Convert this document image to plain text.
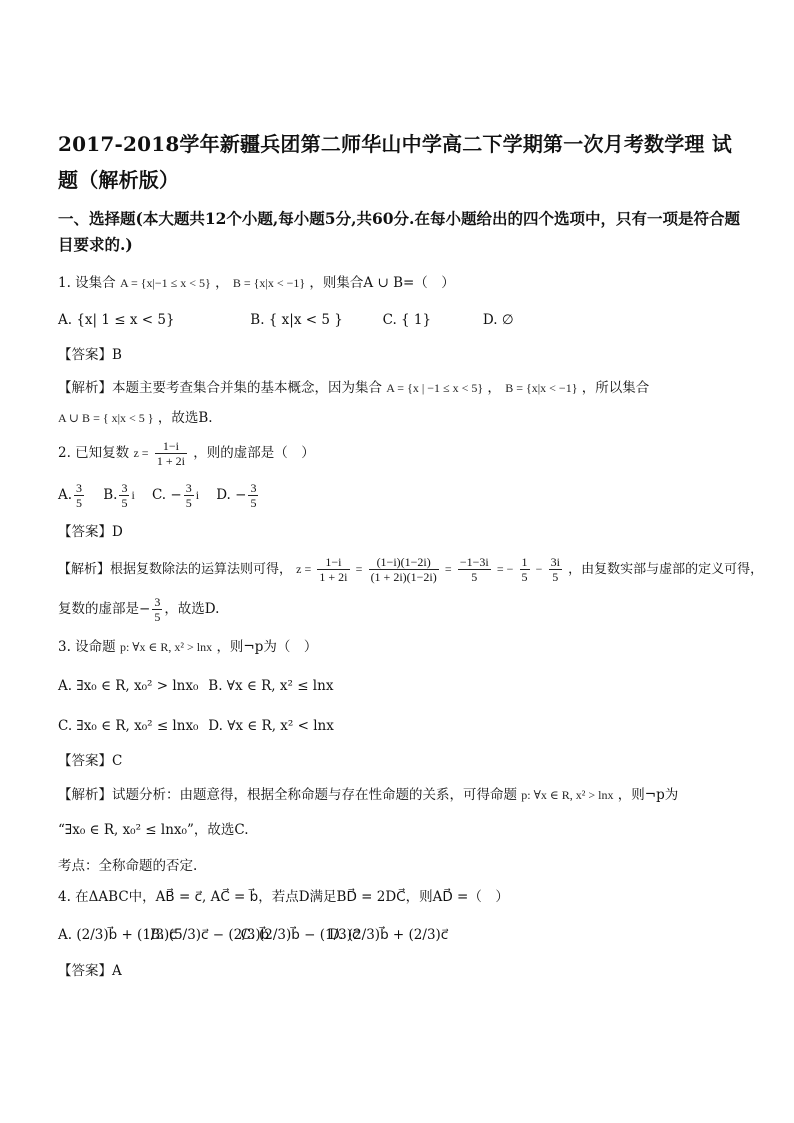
2017-2018学年新疆兵团第二师华山中学高二下学期第一次月考数学理 试题（解析版）
一、选择题(本大题共12个小题,每小题5分,共60分.在每小题给出的四个选项中，只有一项是符合题目要求的.)
1. 设集合 A = {x|−1 ≤ x < 5} ， B = {x|x < −1} ，则集合A ∪ B=（　）
A. {x| 1 ≤ x < 5}	B. { x|x < 5 }	C. { 1}	D. ∅
【答案】B
【解析】本题主要考查集合并集的基本概念，因为集合 A = {x | −1 ≤ x < 5} ， B = {x|x < −1} ，所以集合
A ∪ B = { x|x < 5 } ，故选B.
2. 已知复数 $z = \frac{1-i}{1 + 2i}$ ，则的虚部是（　）
A. $\frac{3}{5} B$. $\frac{3}{5}$ i C. − $\frac{3}{5}$ i D. − $\frac{3}{5}$
【答案】D
【解析】根据复数除法的运算法则可得， $z = \frac{1-i}{1 + 2i} = \frac{(1-i)(1-2i)}{(1 + 2i)(1-2i)} = \frac{-1-3i}{5}$ = − $\frac{1}{5} - \frac{3i}{5}$ ，由复数实部与虚部的定义可得，
复数的虚部是− $\frac{3}{5}$ ，故选D.
3. 设命题 p: ∀x ∈ R, x² > lnx ，则¬p为（　）
A. ∃x₀ ∈ R, x₀² > lnx₀ B. ∀x ∈ R, x² ≤ lnx
C. ∃x₀ ∈ R, x₀² ≤ lnx₀ D. ∀x ∈ R, x² < lnx
【答案】C
【解析】试题分析：由题意得，根据全称命题与存在性命题的关系，可得命题 p: ∀x ∈ R, x² > lnx ，则¬p为
“∃x₀ ∈ R, x₀² ≤ lnx₀”，故选C.
考点：全称命题的否定.
4. 在ΔABC中，AB⃗ = c⃗, AC⃗ = b⃗，若点D满足BD⃗ = 2DC⃗，则AD⃗ =（　）
A. (2/3)b⃗ + (1/3)c⃗ B. (5/3)c⃗ − (2/3)b⃗ C. (2/3)b⃗ − (1/3)c⃗ D. (2/3)b⃗ + (2/3)c⃗
【答案】A
